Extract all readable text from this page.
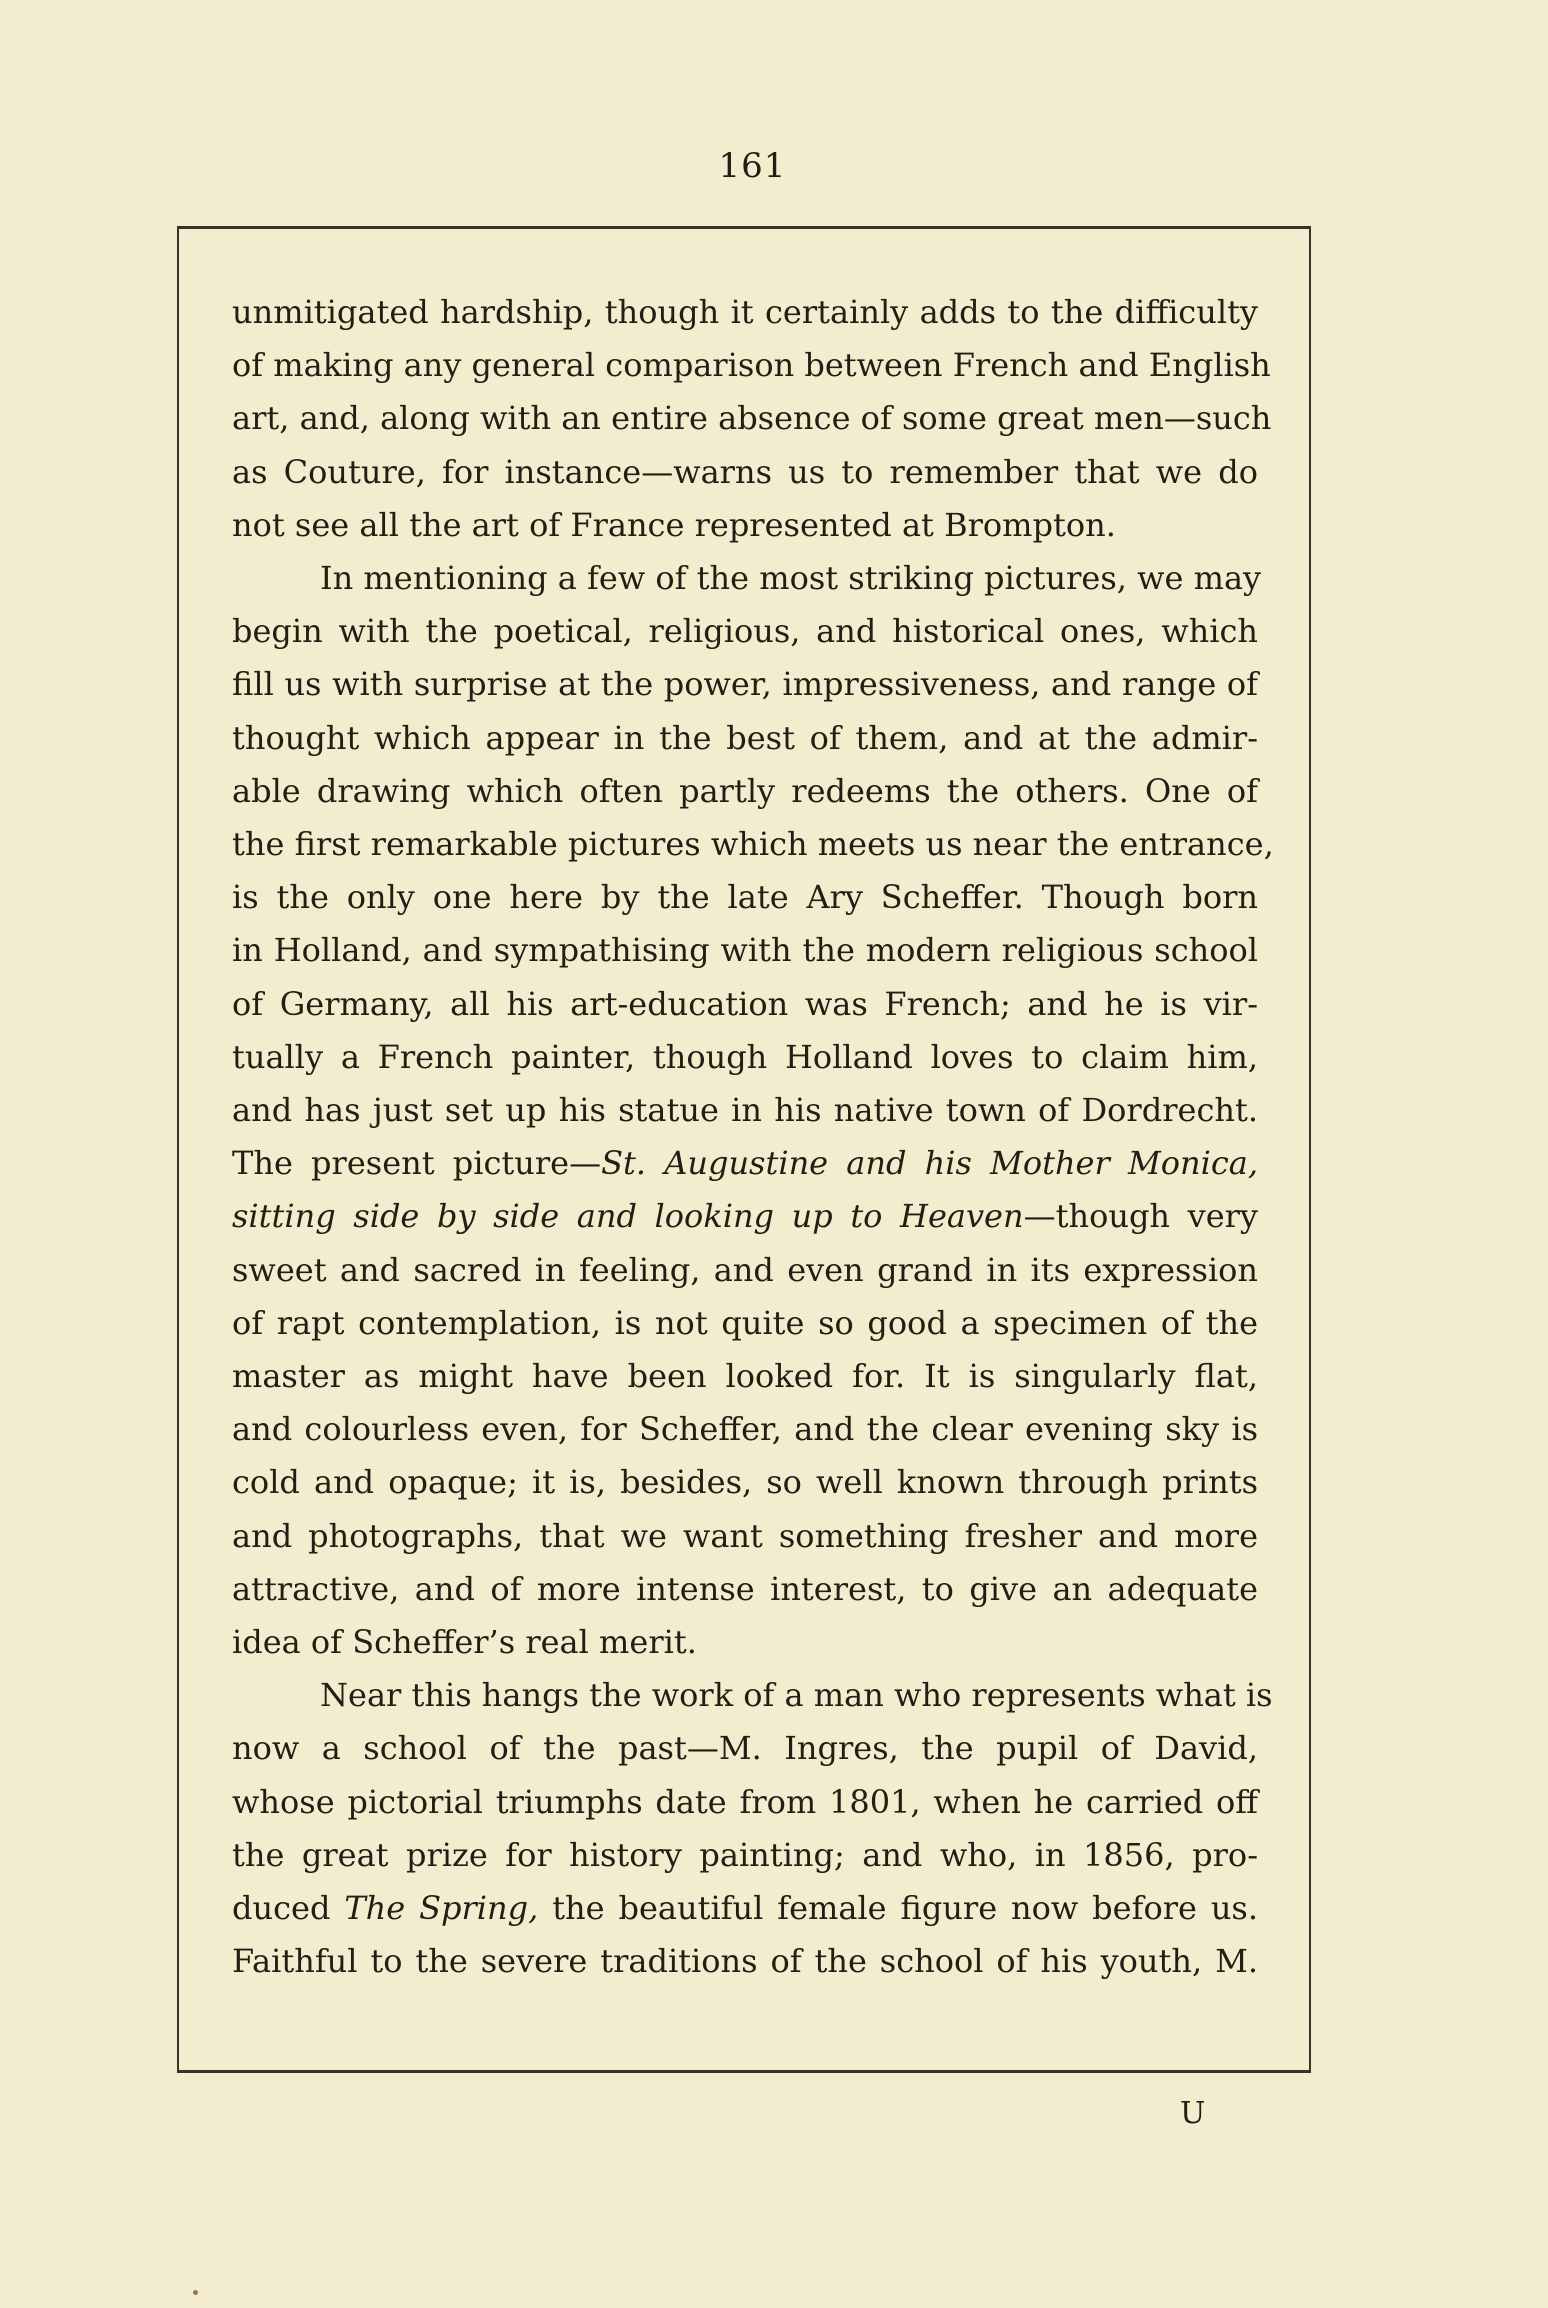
161

unmitigated hardship, though it certainly adds to the difficulty
of making any general comparison between French and English
art, and, along with an entire absence of some great men—such
as Couture, for instance—warns us to remember that we do
not see all the art of France represented at Brompton.

In mentioning a few of the most striking pictures, we may
begin with the poetical, religious, and historical ones, which
fill us with surprise at the power, impressiveness, and range of
thought which appear in the best of them, and at the admir-
able drawing which often partly redeems the others. One of
the first remarkable pictures which meets us near the entrance,
is the only one here by the late Ary Scheffer. Though born
in Holland, and sympathising with the modern religious school
of Germany, all his art-education was French; and he is vir-
tually a French painter, though Holland loves to claim him,
and has just set up his statue in his native town of Dordrecht.
The present picture—St. Augustine and his Mother Monica,
sitting side by side and looking up to Heaven—though very
sweet and sacred in feeling, and even grand in its expression
of rapt contemplation, is not quite so good a specimen of the
master as might have been looked for. It is singularly flat,
and colourless even, for Scheffer, and the clear evening sky is
cold and opaque; it is, besides, so well known through prints
and photographs, that we want something fresher and more
attractive, and of more intense interest, to give an adequate
idea of Scheffer’s real merit.

Near this hangs the work of a man who represents what is
now a school of the past—M. Ingres, the pupil of David,
whose pictorial triumphs date from 1801, when he carried off
the great prize for history painting; and who, in 1856, pro-
duced The Spring, the beautiful female figure now before us.
Faithful to the severe traditions of the school of his youth, M.

U
